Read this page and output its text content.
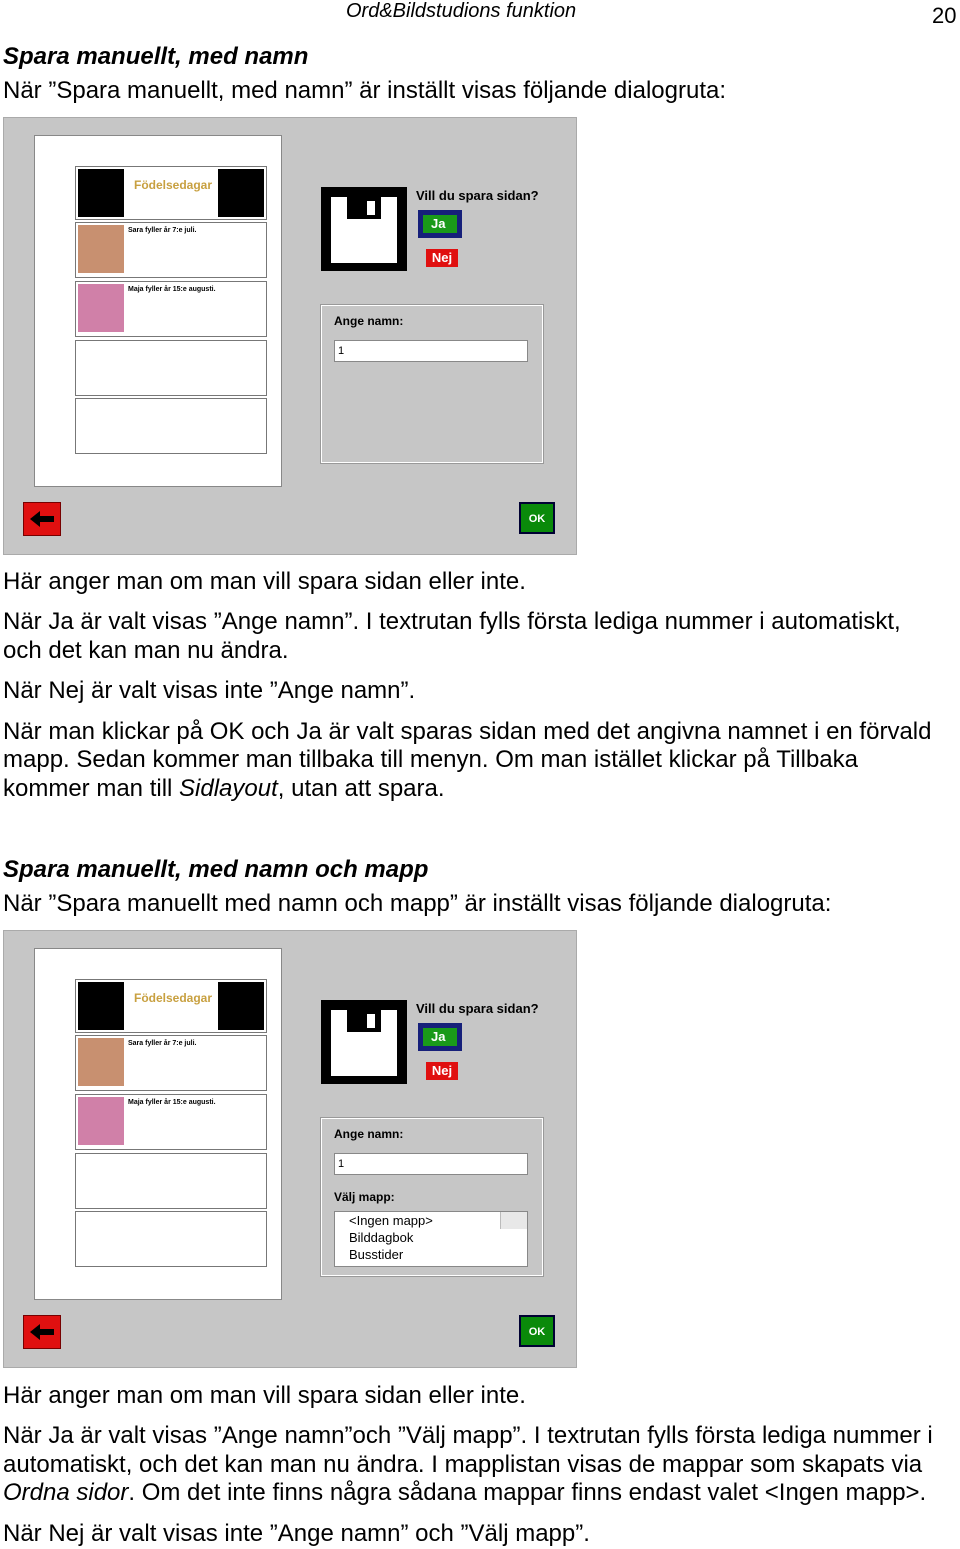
Ord&Bildstudions funktion	20
Spara manuellt, med namn
När ”Spara manuellt, med namn” är inställt visas följande dialogruta:
Födelsedagar
Sara fyller år 7:e juli.
Maja fyller år 15:e augusti.
Vill du spara sidan?
Ja
Nej
Ange namn:
1
OK
Här anger man om man vill spara sidan eller inte.
När Ja är valt visas ”Ange namn”. I textrutan fylls första lediga nummer i automatiskt,
och det kan man nu ändra.
När Nej är valt visas inte ”Ange namn”.
När man klickar på OK och Ja är valt sparas sidan med det angivna namnet i en förvald
mapp. Sedan kommer man tillbaka till menyn. Om man istället klickar på Tillbaka
kommer man till Sidlayout, utan att spara.
Spara manuellt, med namn och mapp
När ”Spara manuellt med namn och mapp” är inställt visas följande dialogruta:
Födelsedagar
Sara fyller år 7:e juli.
Maja fyller år 15:e augusti.
Vill du spara sidan?
Ja
Nej
Ange namn:
1
Välj mapp:
<Ingen mapp>
Bilddagbok
Busstider
OK
Här anger man om man vill spara sidan eller inte.
När Ja är valt visas ”Ange namn”och ”Välj mapp”. I textrutan fylls första lediga nummer i
automatiskt, och det kan man nu ändra. I mapplistan visas de mappar som skapats via
Ordna sidor. Om det inte finns några sådana mappar finns endast valet <Ingen mapp>.
När Nej är valt visas inte ”Ange namn” och ”Välj mapp”.
